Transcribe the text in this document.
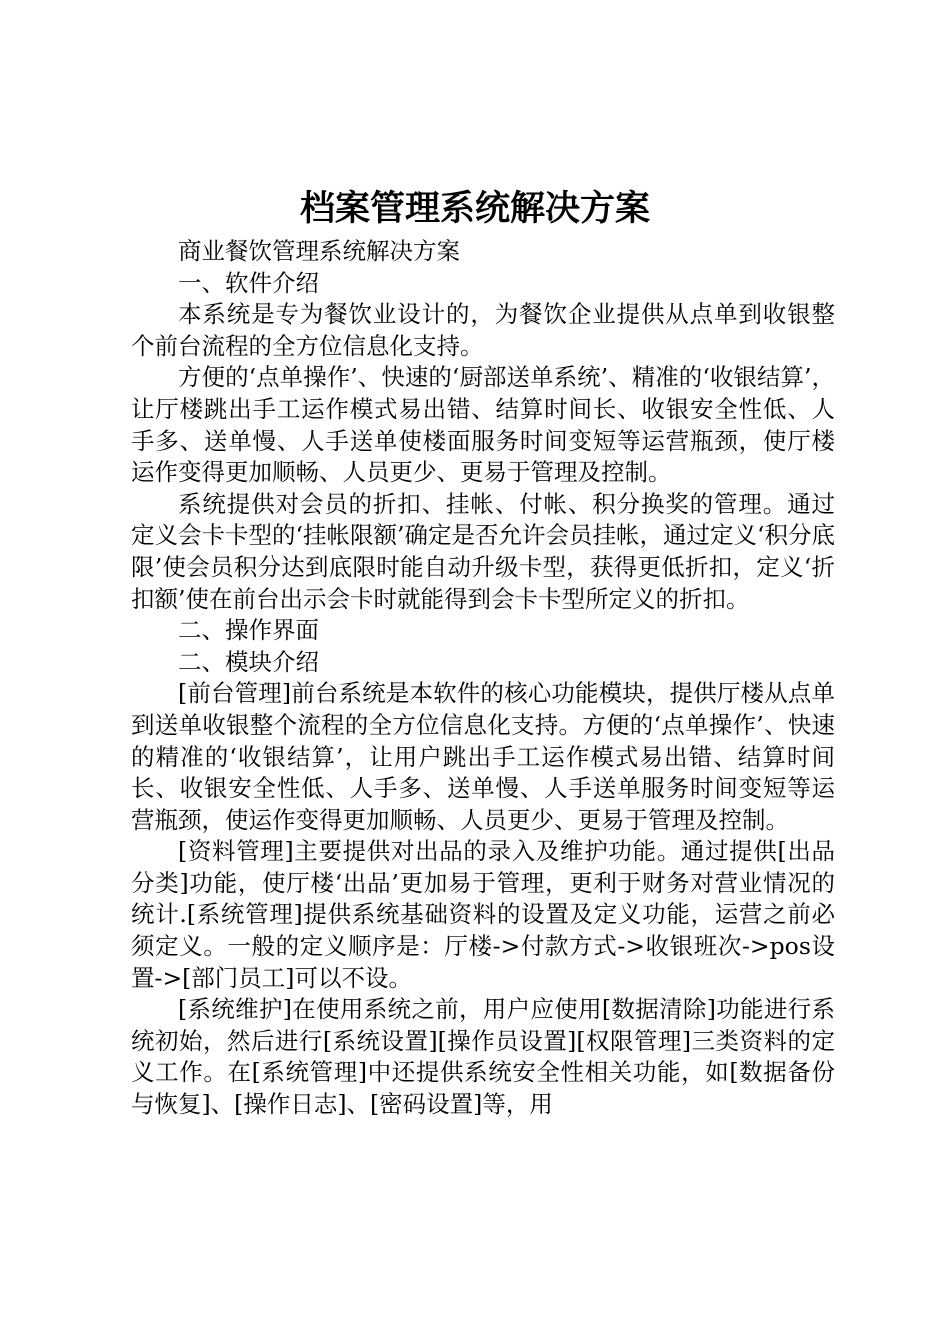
档案管理系统解决方案

商业餐饮管理系统解决方案

一、软件介绍

本系统是专为餐饮业设计的，为餐饮企业提供从点单到收银整个前台流程的全方位信息化支持。

方便的‘点单操作’、快速的‘厨部送单系统’、精准的‘收银结算’，让厅楼跳出手工运作模式易出错、结算时间长、收银安全性低、人手多、送单慢、人手送单使楼面服务时间变短等运营瓶颈，使厅楼运作变得更加顺畅、人员更少、更易于管理及控制。

系统提供对会员的折扣、挂帐、付帐、积分换奖的管理。通过定义会卡卡型的‘挂帐限额’确定是否允许会员挂帐，通过定义‘积分底限’使会员积分达到底限时能自动升级卡型，获得更低折扣，定义‘折扣额’使在前台出示会卡时就能得到会卡卡型所定义的折扣。

二、操作界面

二、模块介绍

[前台管理]前台系统是本软件的核心功能模块，提供厅楼从点单到送单收银整个流程的全方位信息化支持。方便的‘点单操作’、快速的精准的‘收银结算’，让用户跳出手工运作模式易出错、结算时间长、收银安全性低、人手多、送单慢、人手送单服务时间变短等运营瓶颈，使运作变得更加顺畅、人员更少、更易于管理及控制。

[资料管理]主要提供对出品的录入及维护功能。通过提供[出品分类]功能，使厅楼‘出品’更加易于管理，更利于财务对营业情况的统计.[系统管理]提供系统基础资料的设置及定义功能，运营之前必须定义。一般的定义顺序是：厅楼->付款方式->收银班次->pos设置->[部门员工]可以不设。

[系统维护]在使用系统之前，用户应使用[数据清除]功能进行系统初始，然后进行[系统设置][操作员设置][权限管理]三类资料的定义工作。在[系统管理]中还提供系统安全性相关功能，如[数据备份与恢复]、[操作日志]、[密码设置]等，用
